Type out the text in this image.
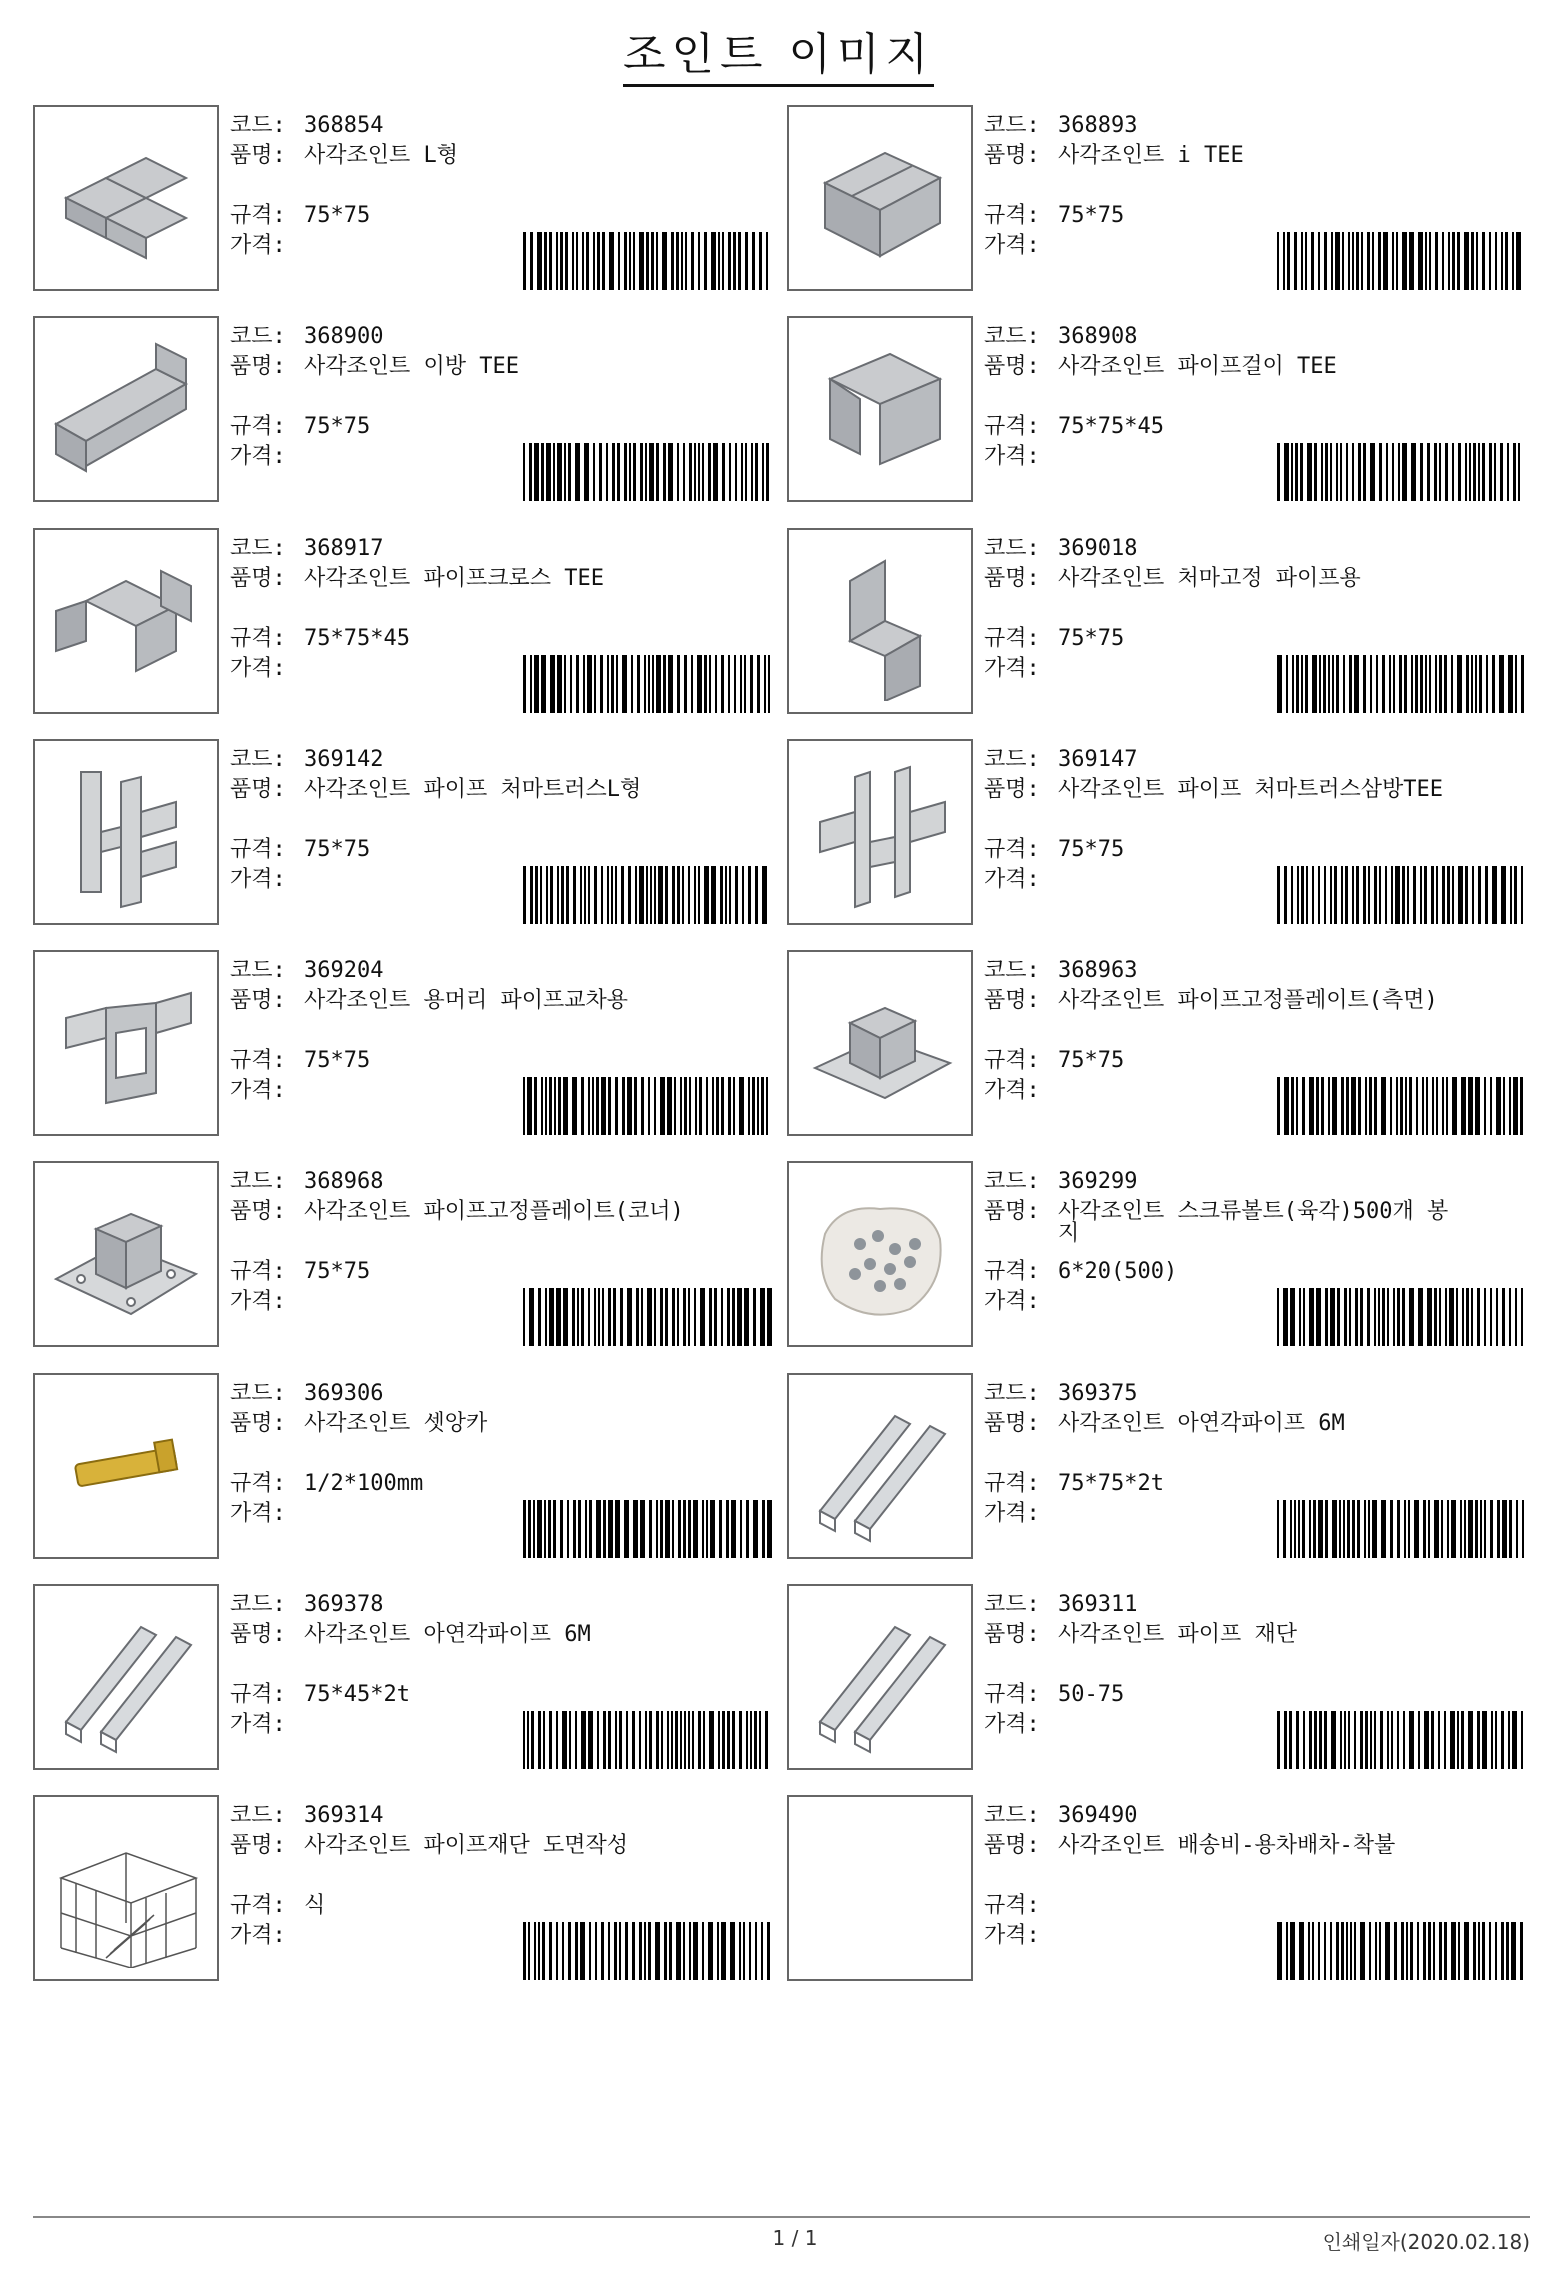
조인트 이미지
코드: 368854
품명: 사각조인트 L형
규격: 75*75
가격:
코드: 368893
품명: 사각조인트 i TEE
규격: 75*75
가격:
코드: 368900
품명: 사각조인트 이방 TEE
규격: 75*75
가격:
코드: 368908
품명: 사각조인트 파이프걸이 TEE
규격: 75*75*45
가격:
코드: 368917
품명: 사각조인트 파이프크로스 TEE
규격: 75*75*45
가격:
코드: 369018
품명: 사각조인트 처마고정 파이프용
규격: 75*75
가격:
코드: 369142
품명: 사각조인트 파이프 처마트러스L형
규격: 75*75
가격:
코드: 369147
품명: 사각조인트 파이프 처마트러스삼방TEE
규격: 75*75
가격:
코드: 369204
품명: 사각조인트 용머리 파이프교차용
규격: 75*75
가격:
코드: 368963
품명: 사각조인트 파이프고정플레이트(측면)
규격: 75*75
가격:
코드: 368968
품명: 사각조인트 파이프고정플레이트(코너)
규격: 75*75
가격:
코드: 369299
품명: 사각조인트 스크류볼트(육각)500개 봉
지
규격: 6*20(500)
가격:
코드: 369306
품명: 사각조인트 셋앙카
규격: 1/2*100mm
가격:
코드: 369375
품명: 사각조인트 아연각파이프 6M
규격: 75*75*2t
가격:
코드: 369378
품명: 사각조인트 아연각파이프 6M
규격: 75*45*2t
가격:
코드: 369311
품명: 사각조인트 파이프 재단
규격: 50-75
가격:
코드: 369314
품명: 사각조인트 파이프재단 도면작성
규격: 식
가격:
코드: 369490
품명: 사각조인트 배송비-용차배차-착불
규격:
가격:
1 / 1	인쇄일자(2020.02.18)
